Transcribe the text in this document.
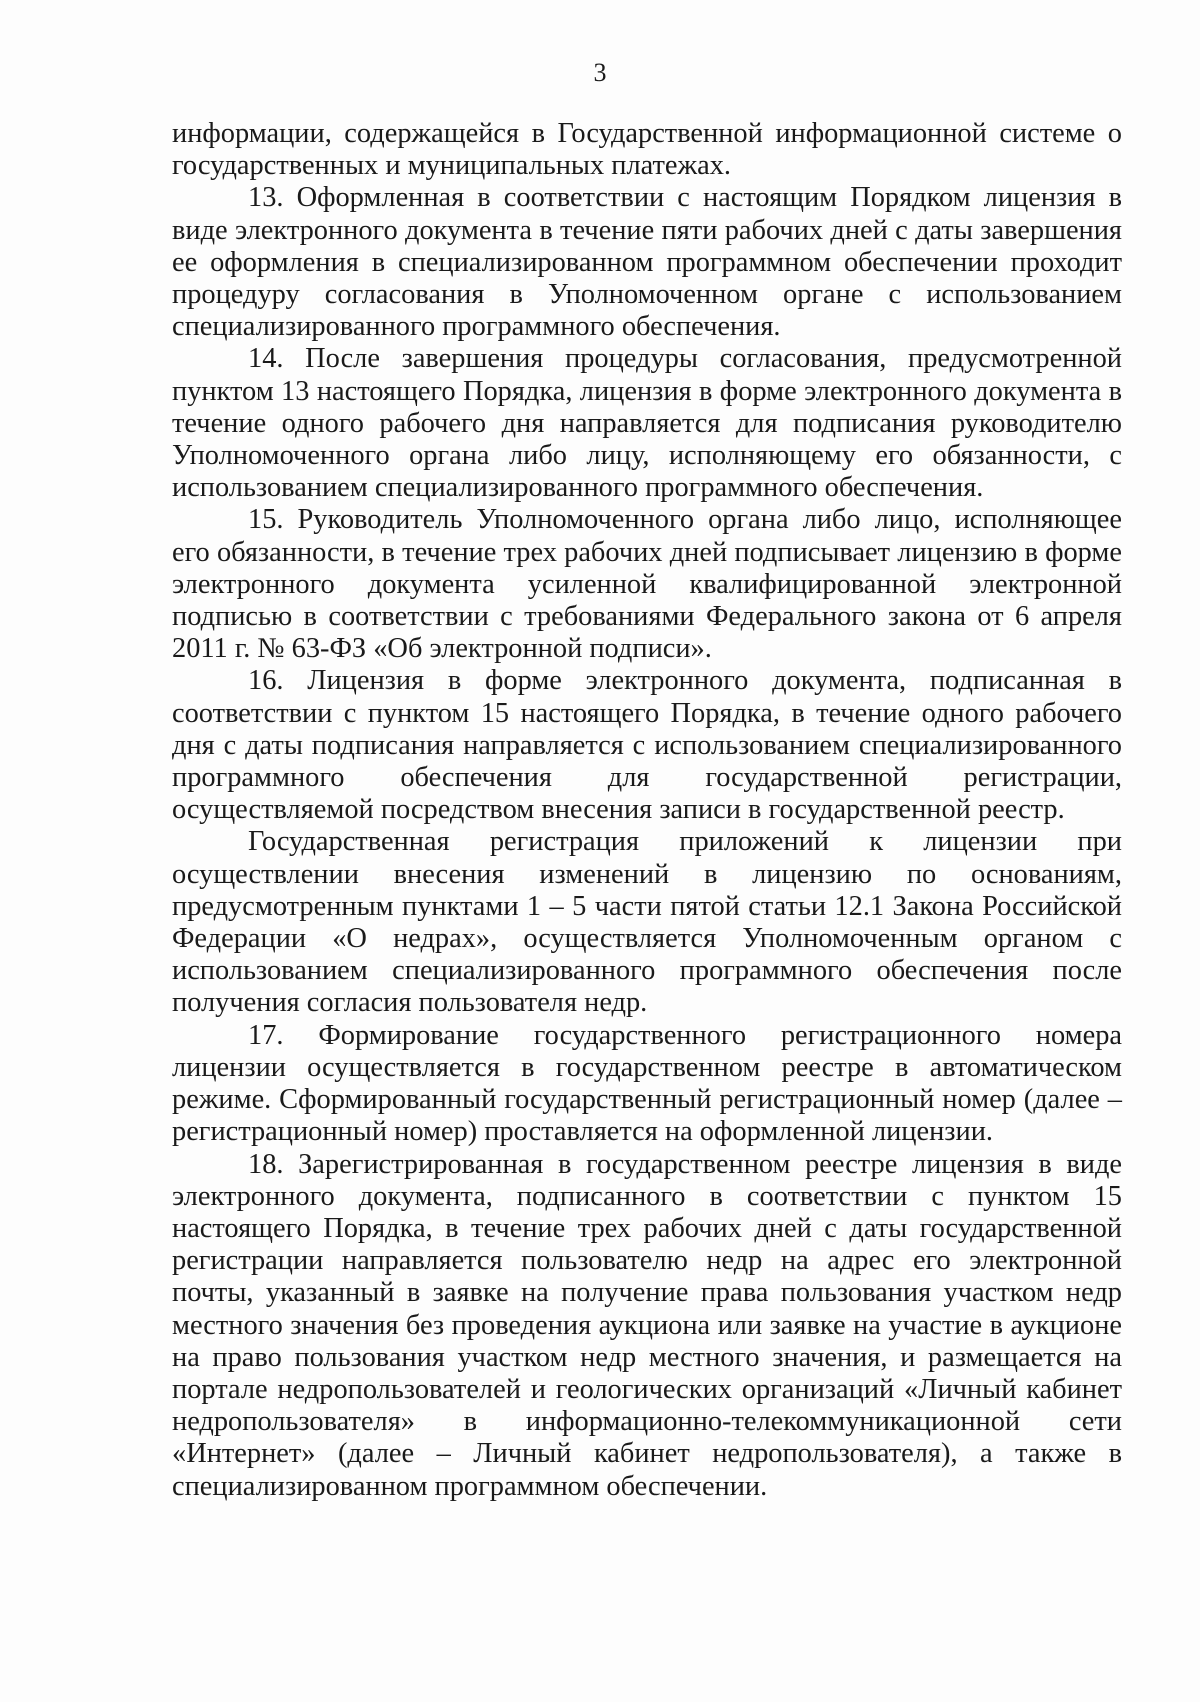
3

информации, содержащейся в Государственной информационной системе о государственных и муниципальных платежах.

13. Оформленная в соответствии с настоящим Порядком лицензия в виде электронного документа в течение пяти рабочих дней с даты завершения ее оформления в специализированном программном обеспечении проходит процедуру согласования в Уполномоченном органе с использованием специализированного программного обеспечения.

14. После завершения процедуры согласования, предусмотренной пунктом 13 настоящего Порядка, лицензия в форме электронного документа в течение одного рабочего дня направляется для подписания руководителю Уполномоченного органа либо лицу, исполняющему его обязанности, с использованием специализированного программного обеспечения.

15. Руководитель Уполномоченного органа либо лицо, исполняющее его обязанности, в течение трех рабочих дней подписывает лицензию в форме электронного документа усиленной квалифицированной электронной подписью в соответствии с требованиями Федерального закона от 6 апреля 2011 г. № 63-ФЗ «Об электронной подписи».

16. Лицензия в форме электронного документа, подписанная в соответствии с пунктом 15 настоящего Порядка, в течение одного рабочего дня с даты подписания направляется с использованием специализированного программного обеспечения для государственной регистрации, осуществляемой посредством внесения записи в государственной реестр.

Государственная регистрация приложений к лицензии при осуществлении внесения изменений в лицензию по основаниям, предусмотренным пунктами 1 – 5 части пятой статьи 12.1 Закона Российской Федерации «О недрах», осуществляется Уполномоченным органом с использованием специализированного программного обеспечения после получения согласия пользователя недр.

17. Формирование государственного регистрационного номера лицензии осуществляется в государственном реестре в автоматическом режиме. Сформированный государственный регистрационный номер (далее – регистрационный номер) проставляется на оформленной лицензии.

18. Зарегистрированная в государственном реестре лицензия в виде электронного документа, подписанного в соответствии с пунктом 15 настоящего Порядка, в течение трех рабочих дней с даты государственной регистрации направляется пользователю недр на адрес его электронной почты, указанный в заявке на получение права пользования участком недр местного значения без проведения аукциона или заявке на участие в аукционе на право пользования участком недр местного значения, и размещается на портале недропользователей и геологических организаций «Личный кабинет недропользователя» в информационно-телекоммуникационной сети «Интернет» (далее – Личный кабинет недропользователя), а также в специализированном программном обеспечении.
